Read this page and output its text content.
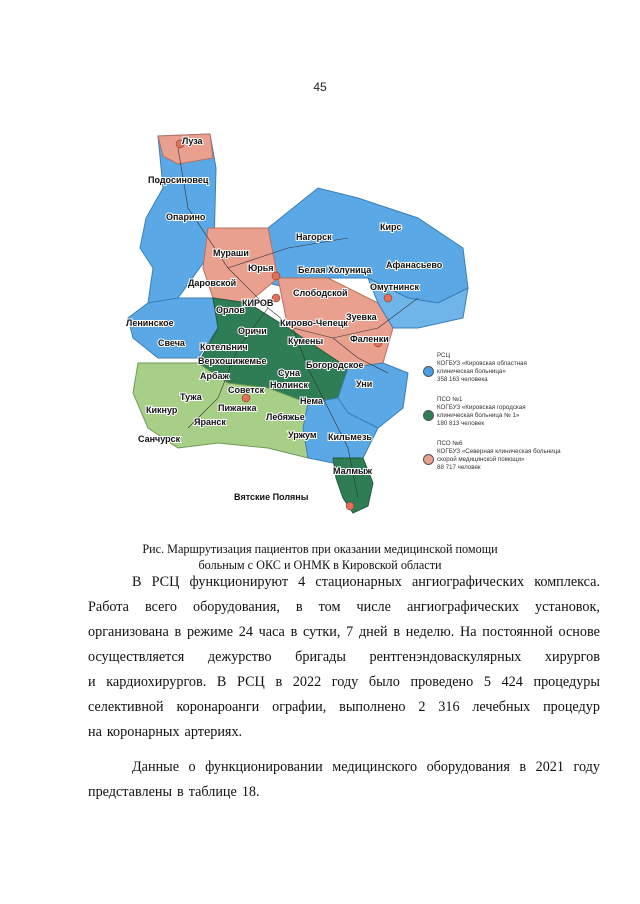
45
Луза
Подосиновец
Опарино
Нагорск
Кирс
Мураши
Юрья	Белая Холуница Афанасьево
Даровской
Слободской
Омутнинск
КИРОВ
Орлов
Зуевка
Ленинское	Кирово-Чепецк
Оричи
Фаленки
Свеча Котельнич
Кумены
Верхошижемье	Богородское
Суна
Арбаж
Нолинск	Уни
Советск
Тужа	Нема
Кикнур	Пижанка
Лебяжье
Яранск
Уржум Кильмезь
Санчурск
Малмыж
Вятские Поляны
РСЦ
КОГБУЗ «Кировская областная
клиническая больница»
358 163 человека
ПСО №1
КОГБУЗ «Кировская городская
клиническая больница № 1»
180 813 человек
ПСО №6
КОГБУЗ «Северная клиническая больница
скорой медицинской помощи»
88 717 человек
Рис. Маршрутизация пациентов при оказании медицинской помощи
больным с ОКС и ОНМК в Кировской области
В РСЦ функционируют 4 стационарных ангиографических комплекса.
Работа всего оборудования, в том числе ангиографических установок,
организована в режиме 24 часа в сутки, 7 дней в неделю. На постоянной основе
осуществляется дежурство бригады рентгенэндоваскулярных хирургов
и кардиохирургов. В РСЦ в 2022 году было проведено 5 424 процедуры
селективной коронароанги ографии, выполнено 2 316 лечебных процедур
на коронарных артериях.
Данные о функционировании медицинского оборудования в 2021 году
представлены в таблице 18.
